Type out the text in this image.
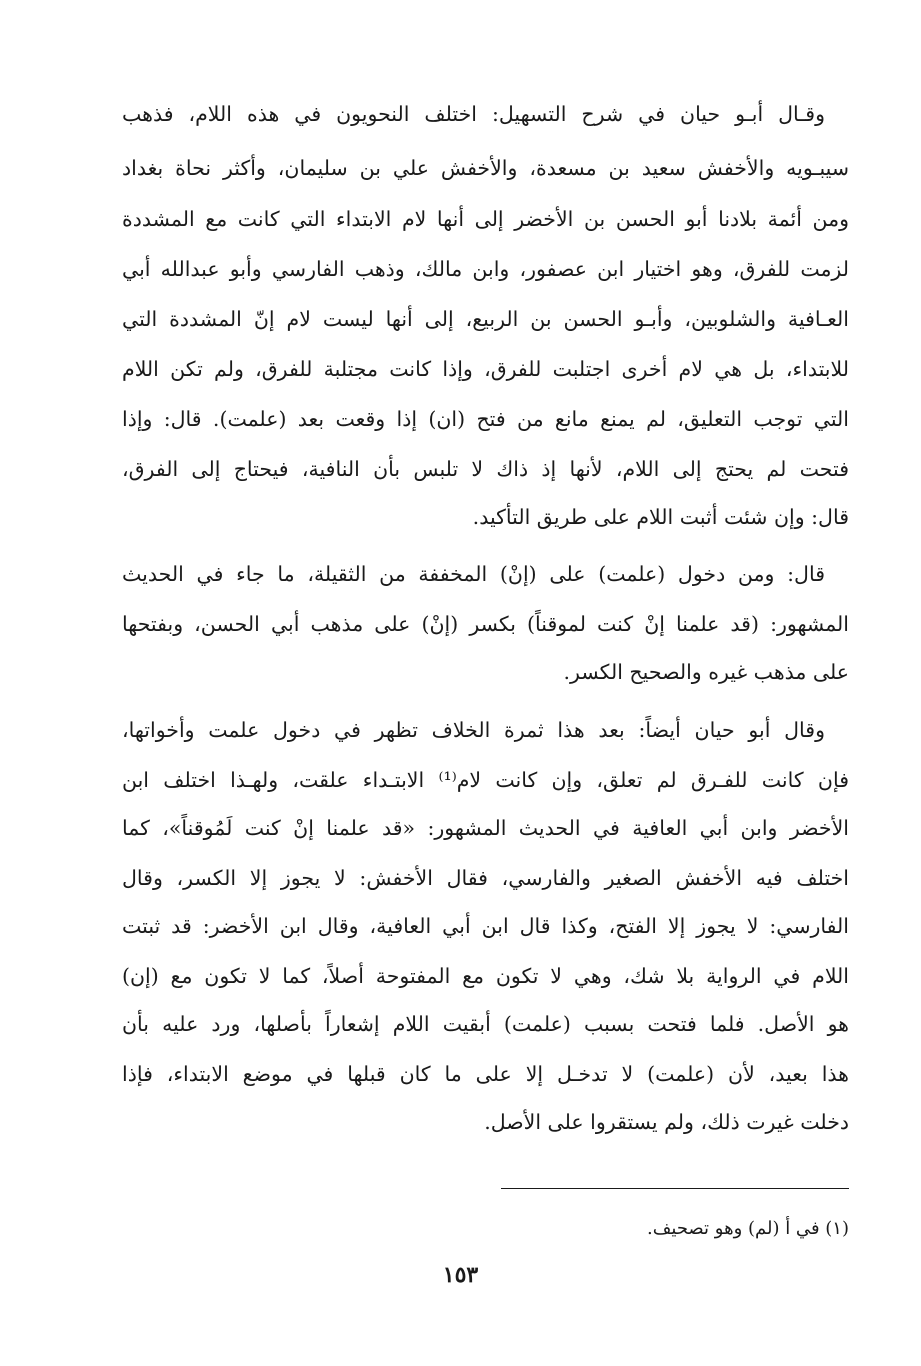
وقـال أبـو حيان في شرح التسهيل: اختلف النحويون في هذه اللام، فذهب
سيبـويه والأخفش سعيد بن مسعدة، والأخفش علي بن سليمان، وأكثر نحاة بغداد
ومن أئمة بلادنا أبو الحسن بن الأخضر إلى أنها لام الابتداء التي كانت مع المشددة
لزمت للفرق، وهو اختيار ابن عصفور، وابن مالك، وذهب الفارسي وأبو عبدالله أبي
العـافية والشلوبين، وأبـو الحسن بن الربيع، إلى أنها ليست لام إنّ المشددة التي
للابتداء، بل هي لام أخرى اجتلبت للفرق، وإذا كانت مجتلبة للفرق، ولم تكن اللام
التي توجب التعليق، لم يمنع مانع من فتح (ان) إذا وقعت بعد (علمت). قال: وإذا
فتحت لم يحتج إلى اللام، لأنها إذ ذاك لا تلبس بأن النافية، فيحتاج إلى الفرق،
قال: وإن شئت أثبت اللام على طريق التأكيد.
قال: ومن دخول (علمت) على (إنْ) المخففة من الثقيلة، ما جاء في الحديث
المشهور: (قد علمنا إنْ كنت لموقناً) بكسر (إنْ) على مذهب أبي الحسن، وبفتحها
على مذهب غيره والصحيح الكسر.
وقال أبو حيان أيضاً: بعد هذا ثمرة الخلاف تظهر في دخول علمت وأخواتها،
فإن كانت للفـرق لم تعلق، وإن كانت لام⁽¹⁾ الابتـداء علقت، ولهـذا اختلف ابن
الأخضر وابن أبي العافية في الحديث المشهور: «قد علمنا إنْ كنت لَمُوقناً»، كما
اختلف فيه الأخفش الصغير والفارسي، فقال الأخفش: لا يجوز إلا الكسر، وقال
الفارسي: لا يجوز إلا الفتح، وكذا قال ابن أبي العافية، وقال ابن الأخضر: قد ثبتت
اللام في الرواية بلا شك، وهي لا تكون مع المفتوحة أصلاً، كما لا تكون مع (إن)
هو الأصل. فلما فتحت بسبب (علمت) أبقيت اللام إشعاراً بأصلها، ورد عليه بأن
هذا بعيد، لأن (علمت) لا تدخـل إلا على ما كان قبلها في موضع الابتداء، فإذا
دخلت غيرت ذلك، ولم يستقروا على الأصل.
(١) في أ (لم) وهو تصحيف.
١٥٣
